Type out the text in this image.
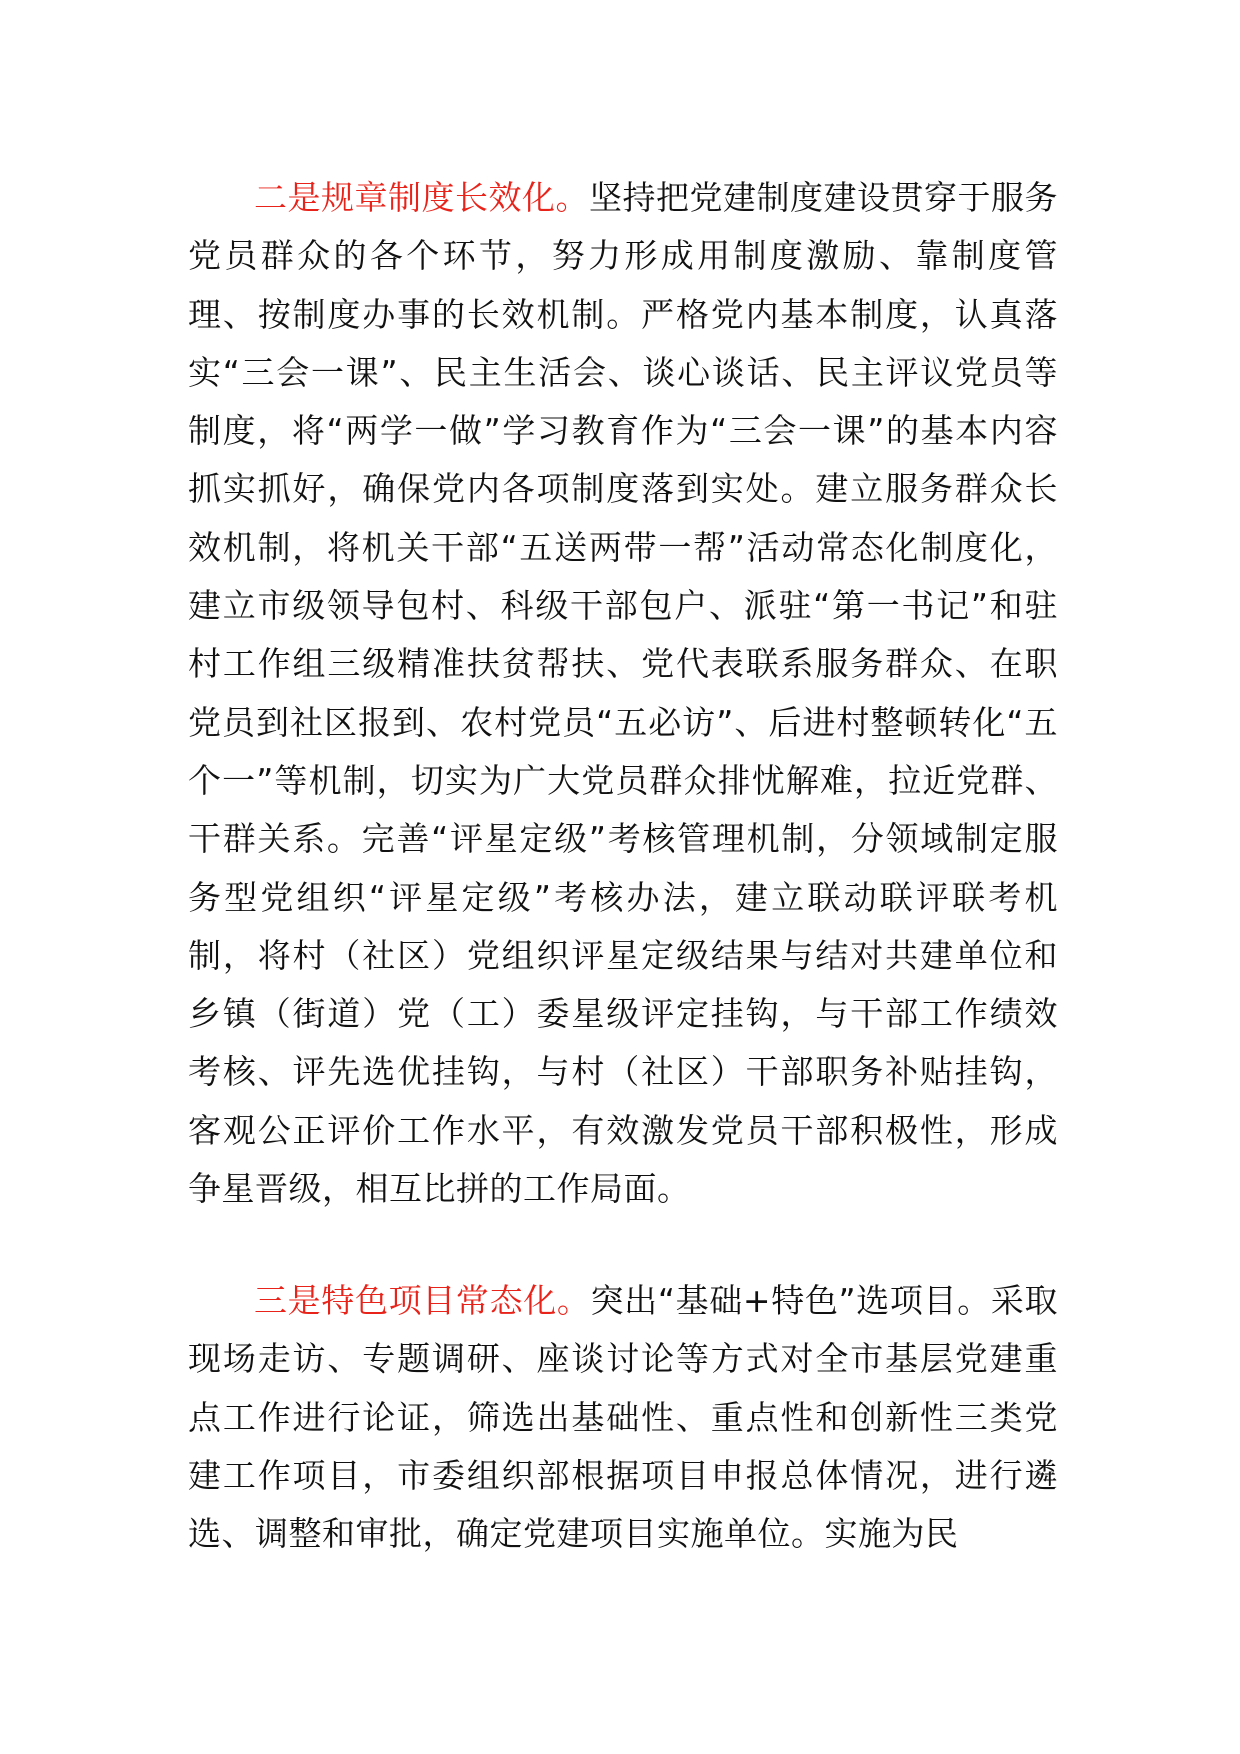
二是规章制度长效化。坚持把党建制度建设贯穿于服务党员群众的各个环节，努力形成用制度激励、靠制度管理、按制度办事的长效机制。严格党内基本制度，认真落实“三会一课”、民主生活会、谈心谈话、民主评议党员等制度，将“两学一做”学习教育作为“三会一课”的基本内容抓实抓好，确保党内各项制度落到实处。建立服务群众长效机制，将机关干部“五送两带一帮”活动常态化制度化，建立市级领导包村、科级干部包户、派驻“第一书记”和驻村工作组三级精准扶贫帮扶、党代表联系服务群众、在职党员到社区报到、农村党员“五必访”、后进村整顿转化“五个一”等机制，切实为广大党员群众排忧解难，拉近党群、干群关系。完善“评星定级”考核管理机制，分领域制定服务型党组织“评星定级”考核办法，建立联动联评联考机制，将村（社区）党组织评星定级结果与结对共建单位和乡镇（街道）党（工）委星级评定挂钩，与干部工作绩效考核、评先选优挂钩，与村（社区）干部职务补贴挂钩，客观公正评价工作水平，有效激发党员干部积极性，形成争星晋级，相互比拼的工作局面。

三是特色项目常态化。突出“基础+特色”选项目。采取现场走访、专题调研、座谈讨论等方式对全市基层党建重点工作进行论证，筛选出基础性、重点性和创新性三类党建工作项目，市委组织部根据项目申报总体情况，进行遴选、调整和审批，确定党建项目实施单位。实施为民
